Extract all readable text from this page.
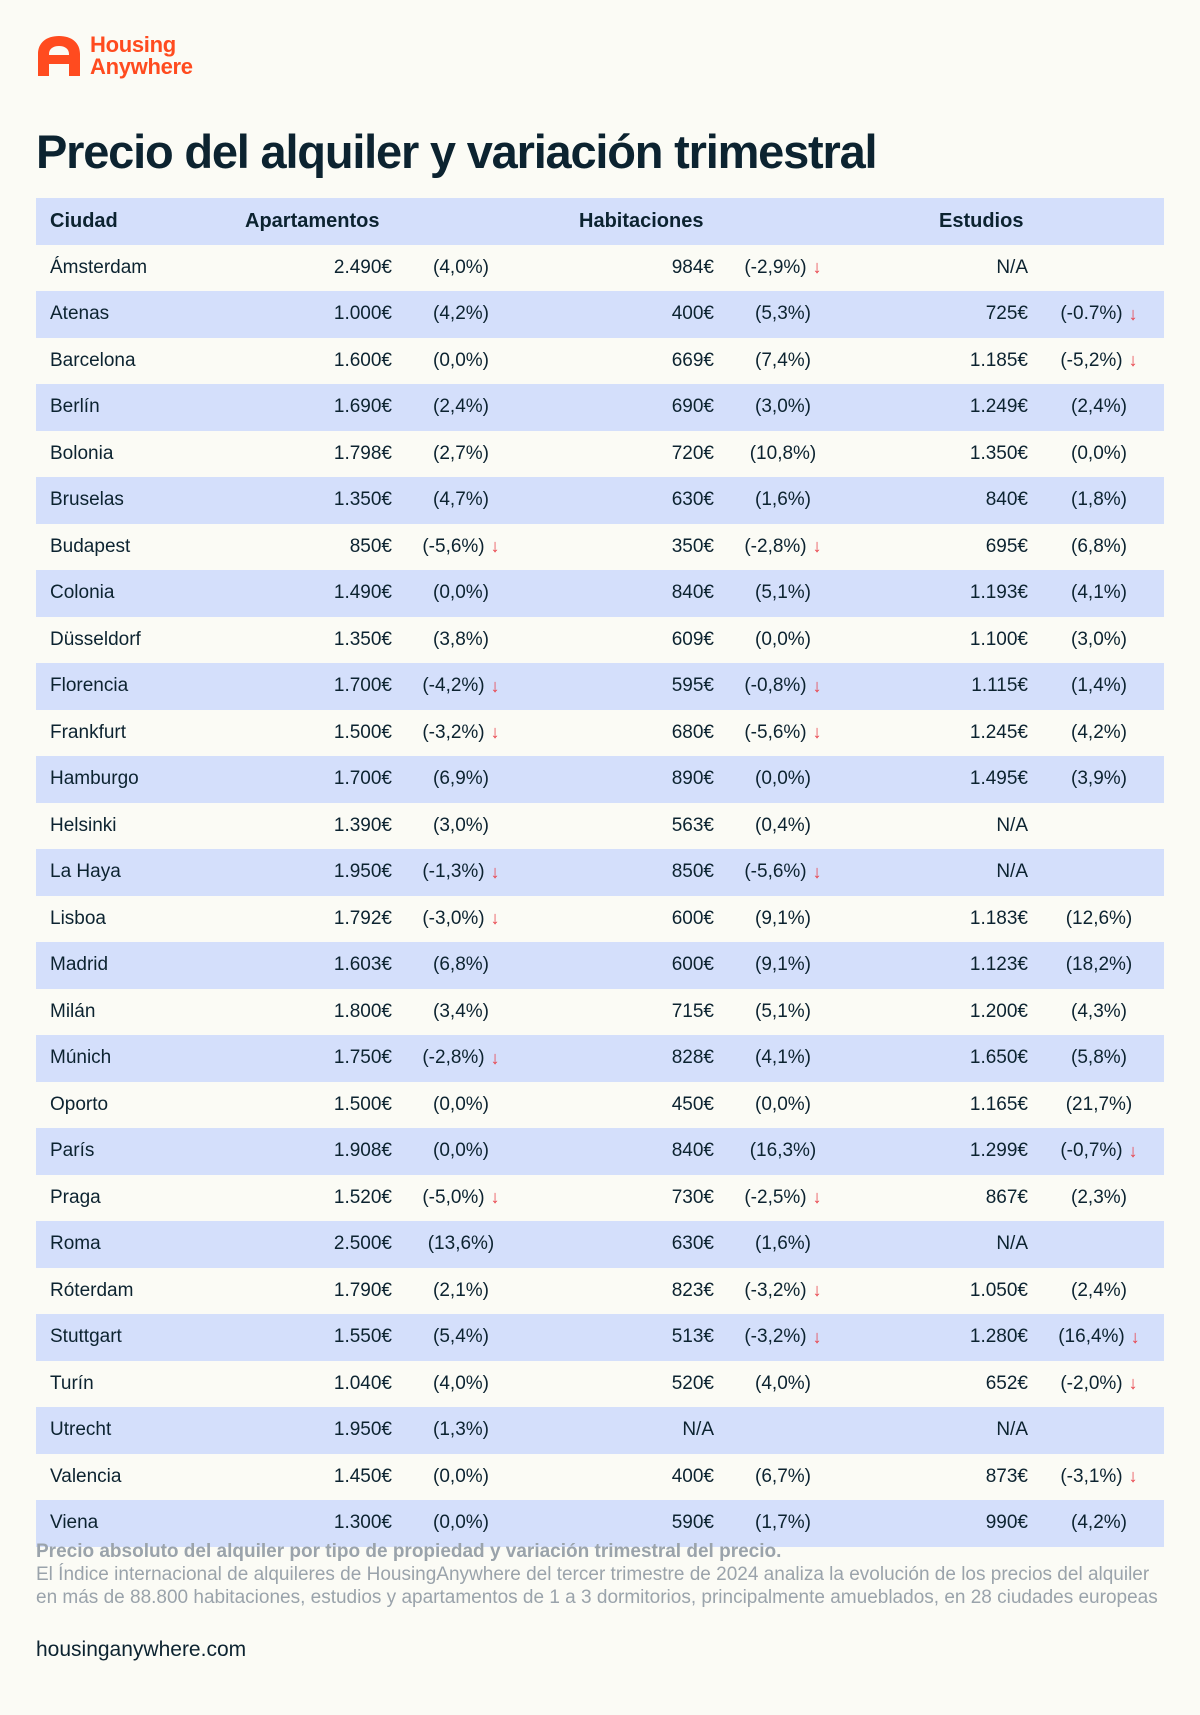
Housing
Anywhere
Precio del alquiler y variación trimestral
Ciudad	Apartamentos	Habitaciones	Estudios
Ámsterdam	2.490€ (4,0%)	984€ (-2,9%) ↓	N/A
Atenas	1.000€ (4,2%)	400€ (5,3%)	725€ (-0.7%) ↓
Barcelona	1.600€ (0,0%)	669€ (7,4%)	1.185€ (-5,2%) ↓
Berlín	1.690€ (2,4%)	690€ (3,0%)	1.249€ (2,4%)
Bolonia	1.798€ (2,7%)	720€ (10,8%)	1.350€ (0,0%)
Bruselas	1.350€ (4,7%)	630€ (1,6%)	840€ (1,8%)
Budapest	850€ (-5,6%) ↓	350€ (-2,8%) ↓	695€ (6,8%)
Colonia	1.490€ (0,0%)	840€ (5,1%)	1.193€ (4,1%)
Düsseldorf	1.350€ (3,8%)	609€ (0,0%)	1.100€ (3,0%)
Florencia	1.700€ (-4,2%) ↓	595€ (-0,8%) ↓	1.115€ (1,4%)
Frankfurt	1.500€ (-3,2%) ↓	680€ (-5,6%) ↓	1.245€ (4,2%)
Hamburgo	1.700€ (6,9%)	890€ (0,0%)	1.495€ (3,9%)
Helsinki	1.390€ (3,0%)	563€ (0,4%)	N/A
La Haya	1.950€ (-1,3%) ↓	850€ (-5,6%) ↓	N/A
Lisboa	1.792€ (-3,0%) ↓	600€ (9,1%)	1.183€ (12,6%)
Madrid	1.603€ (6,8%)	600€ (9,1%)	1.123€ (18,2%)
Milán	1.800€ (3,4%)	715€ (5,1%)	1.200€ (4,3%)
Múnich	1.750€ (-2,8%) ↓	828€ (4,1%)	1.650€ (5,8%)
Oporto	1.500€ (0,0%)	450€ (0,0%)	1.165€ (21,7%)
París	1.908€ (0,0%)	840€ (16,3%)	1.299€ (-0,7%) ↓
Praga	1.520€ (-5,0%) ↓	730€ (-2,5%) ↓	867€ (2,3%)
Roma	2.500€ (13,6%)	630€ (1,6%)	N/A
Róterdam	1.790€ (2,1%)	823€ (-3,2%) ↓	1.050€ (2,4%)
Stuttgart	1.550€ (5,4%)	513€ (-3,2%) ↓	1.280€ (16,4%) ↓
Turín	1.040€ (4,0%)	520€ (4,0%)	652€ (-2,0%) ↓
Utrecht	1.950€ (1,3%)	N/A	N/A
Valencia	1.450€ (0,0%)	400€ (6,7%)	873€ (-3,1%) ↓
Viena	1.300€ (0,0%)	590€ (1,7%)	990€ (4,2%)
Precio absoluto del alquiler por tipo de propiedad y variación trimestral del precio.
El Índice internacional de alquileres de HousingAnywhere del tercer trimestre de 2024 analiza la evolución de los precios del alquiler en más de 88.800 habitaciones, estudios y apartamentos de 1 a 3 dormitorios, principalmente amueblados, en 28 ciudades europeas
housinganywhere.com
